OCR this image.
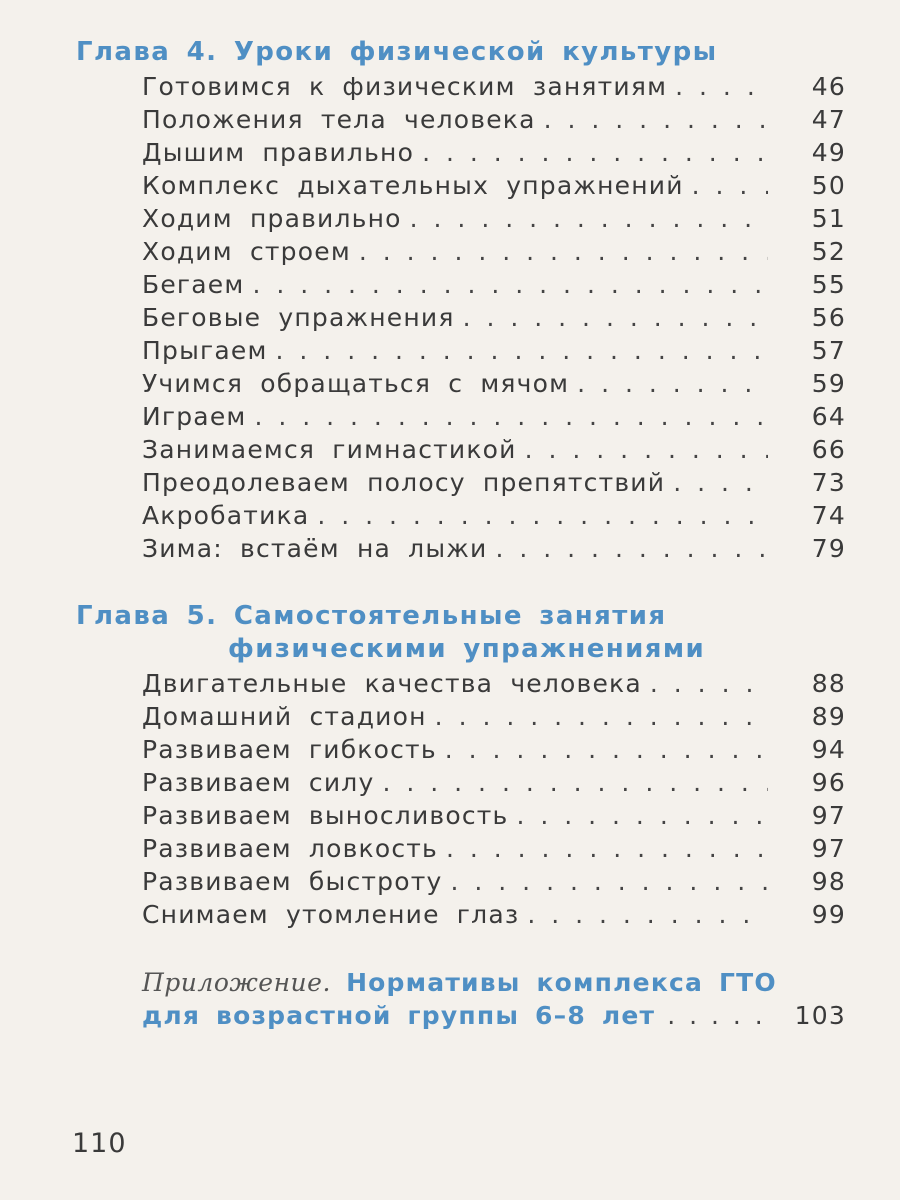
Глава 4. Уроки физической культуры
Готовимся к физическим занятиям . . .	46
Положения тела человека . . .	47
Дышим правильно . . .	49
Комплекс дыхательных упражнений . . .	50
Ходим правильно . . .	51
Ходим строем . . .	52
Бегаем . . .	55
Беговые упражнения . . .	56
Прыгаем . . .	57
Учимся обращаться с мячом . . .	59
Играем . . .	64
Занимаемся гимнастикой . . .	66
Преодолеваем полосу препятствий . . .	73
Акробатика . . .	74
Зима: встаём на лыжи . . .	79
Глава 5. Самостоятельные занятия
физическими упражнениями
Двигательные качества человека . . .	88
Домашний стадион . . .	89
Развиваем гибкость . . .	94
Развиваем силу . . .	96
Развиваем выносливость . . .	97
Развиваем ловкость . . .	97
Развиваем быстроту . . .	98
Снимаем утомление глаз . . .	99
Приложение. Нормативы комплекса ГТО
для возрастной группы 6–8 лет . . .	103
110
